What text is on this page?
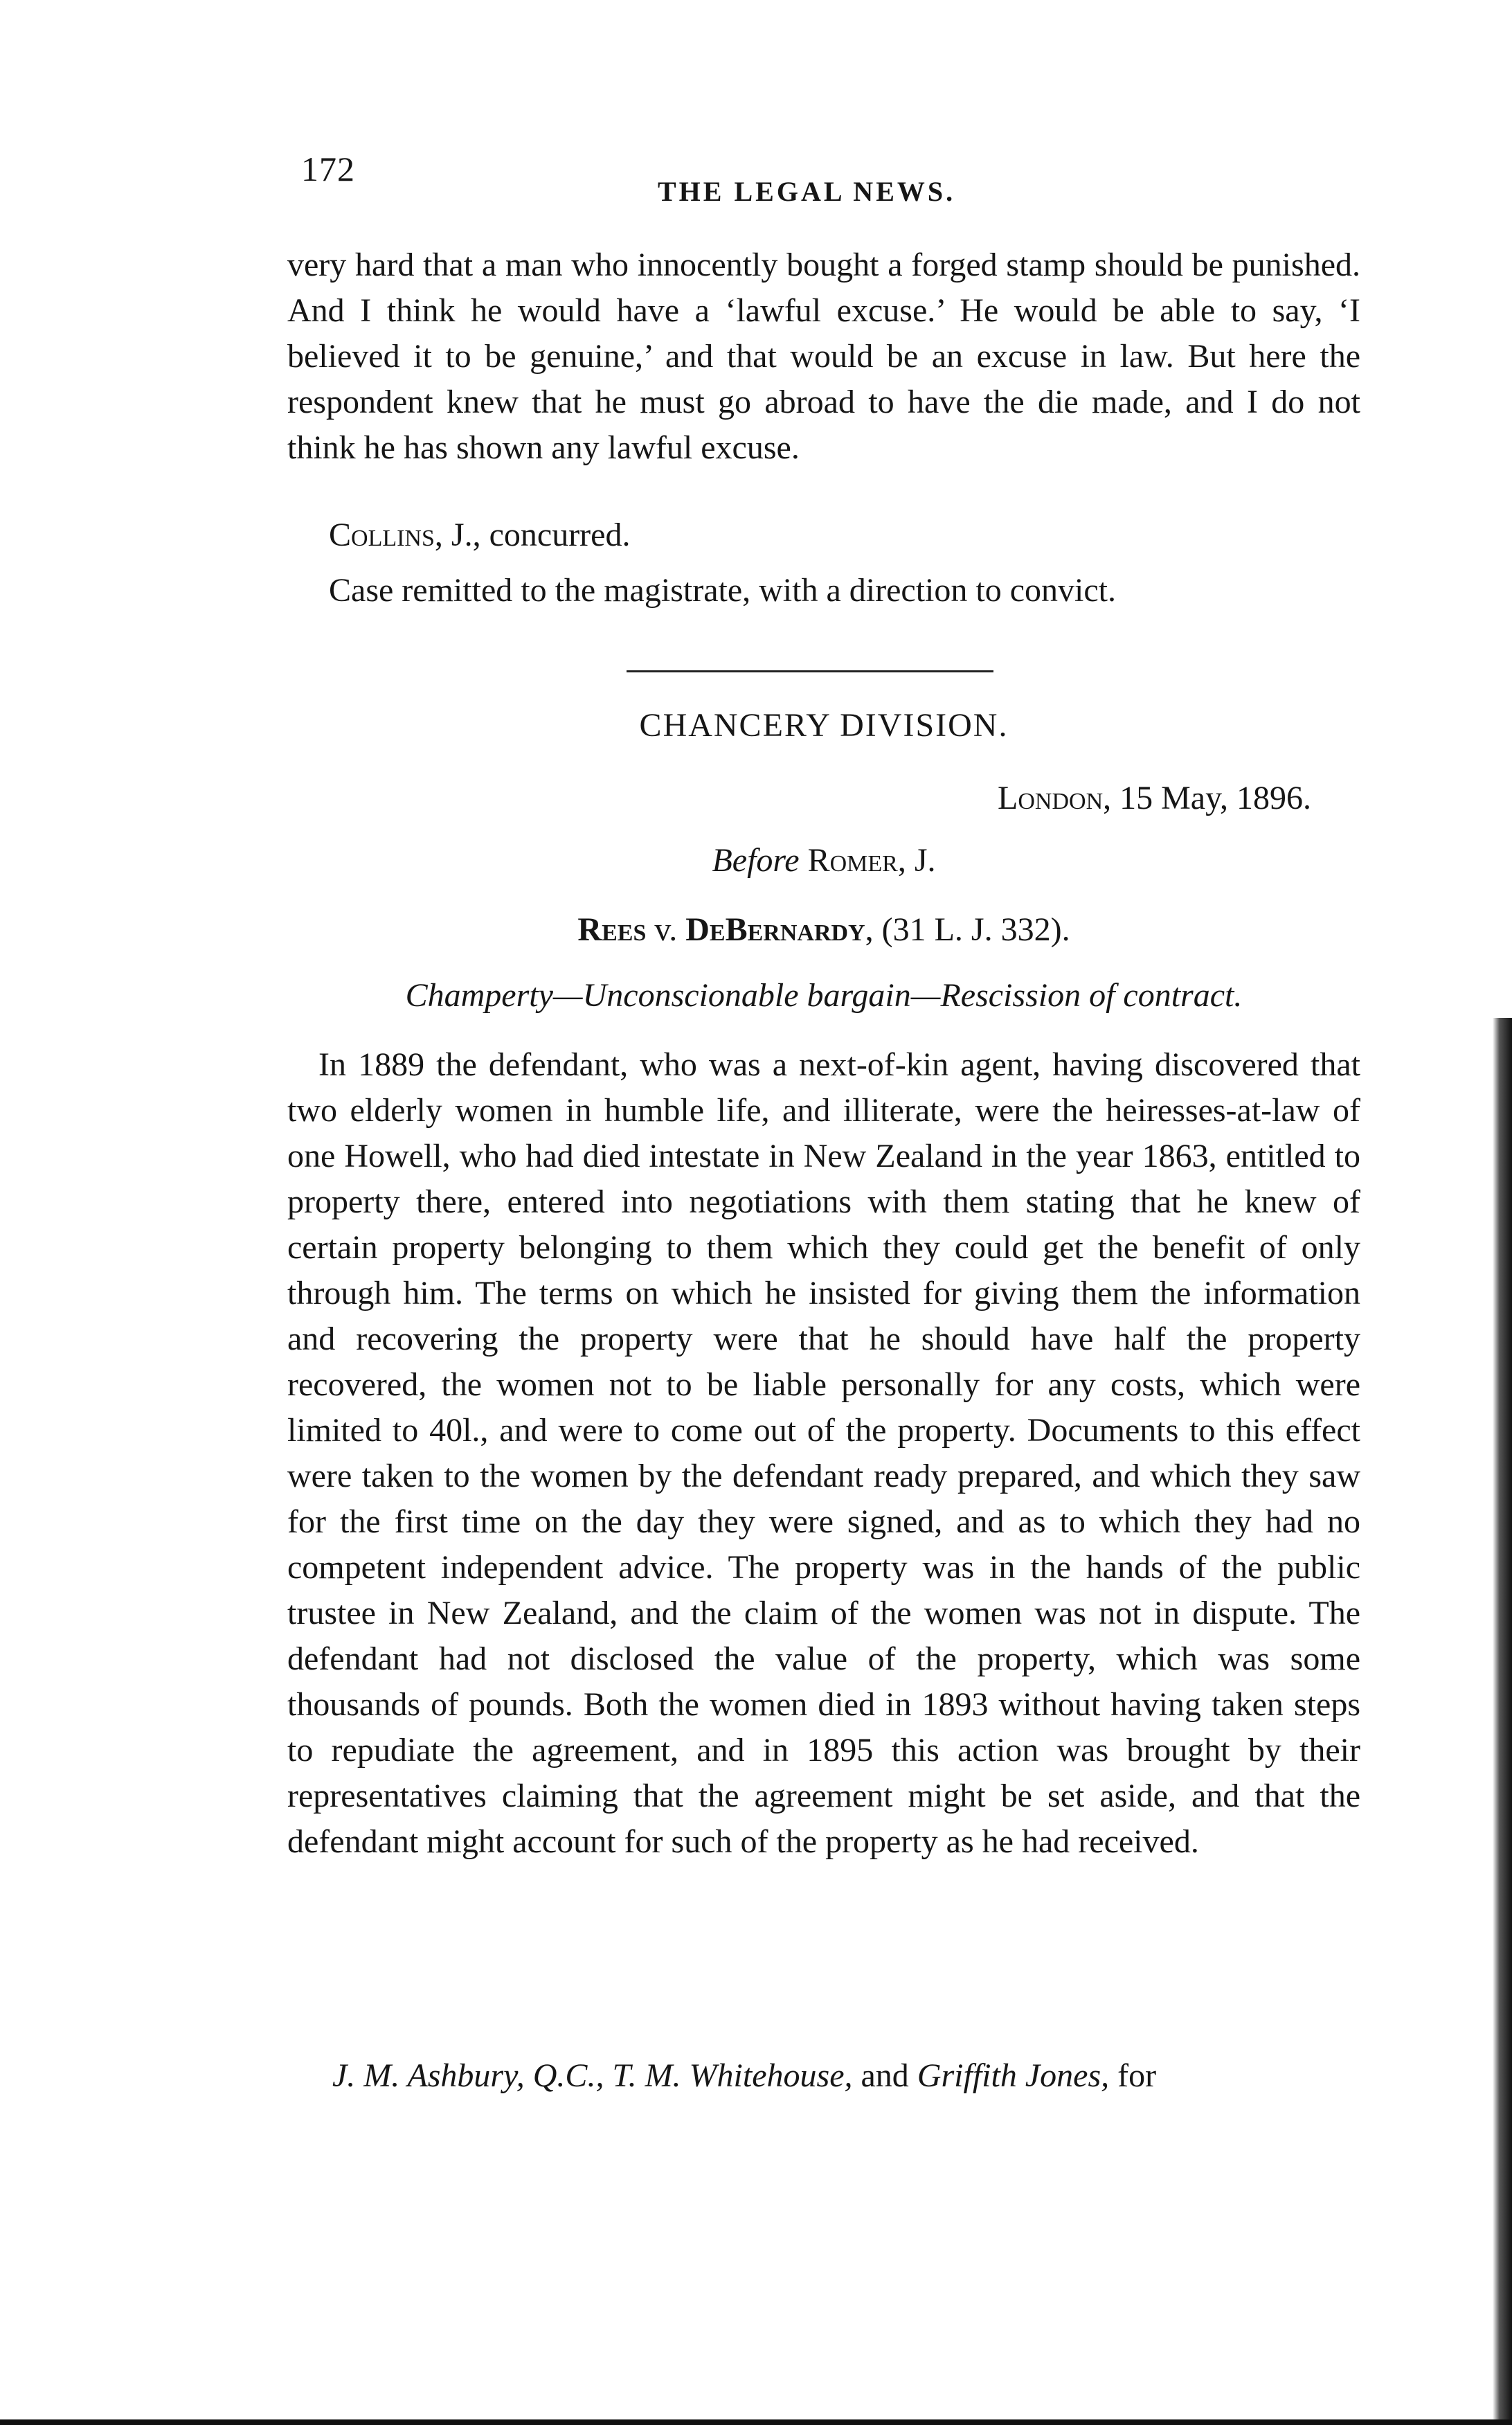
172
THE LEGAL NEWS.

very hard that a man who innocently bought a forged stamp should be punished. And I think he would have a ‘lawful excuse.’ He would be able to say, ‘I believed it to be genuine,’ and that would be an excuse in law. But here the respondent knew that he must go abroad to have the die made, and I do not think he has shown any lawful excuse.

Collins, J., concurred.

Case remitted to the magistrate, with a direction to convict.

CHANCERY DIVISION.
London, 15 May, 1896.
Before Romer, J.
Rees v. DeBernardy, (31 L. J. 332).
Champerty—Unconscionable bargain—Rescission of contract.

In 1889 the defendant, who was a next-of-kin agent, having discovered that two elderly women in humble life, and illiterate, were the heiresses-at-law of one Howell, who had died intestate in New Zealand in the year 1863, entitled to property there, entered into negotiations with them stating that he knew of certain property belonging to them which they could get the benefit of only through him. The terms on which he insisted for giving them the information and recovering the property were that he should have half the property recovered, the women not to be liable personally for any costs, which were limited to 40l., and were to come out of the property. Documents to this effect were taken to the women by the defendant ready prepared, and which they saw for the first time on the day they were signed, and as to which they had no competent independent advice. The property was in the hands of the public trustee in New Zealand, and the claim of the women was not in dispute. The defendant had not disclosed the value of the property, which was some thousands of pounds. Both the women died in 1893 without having taken steps to repudiate the agreement, and in 1895 this action was brought by their representatives claiming that the agreement might be set aside, and that the defendant might account for such of the property as he had received.

J. M. Ashbury, Q.C., T. M. Whitehouse, and Griffith Jones, for
